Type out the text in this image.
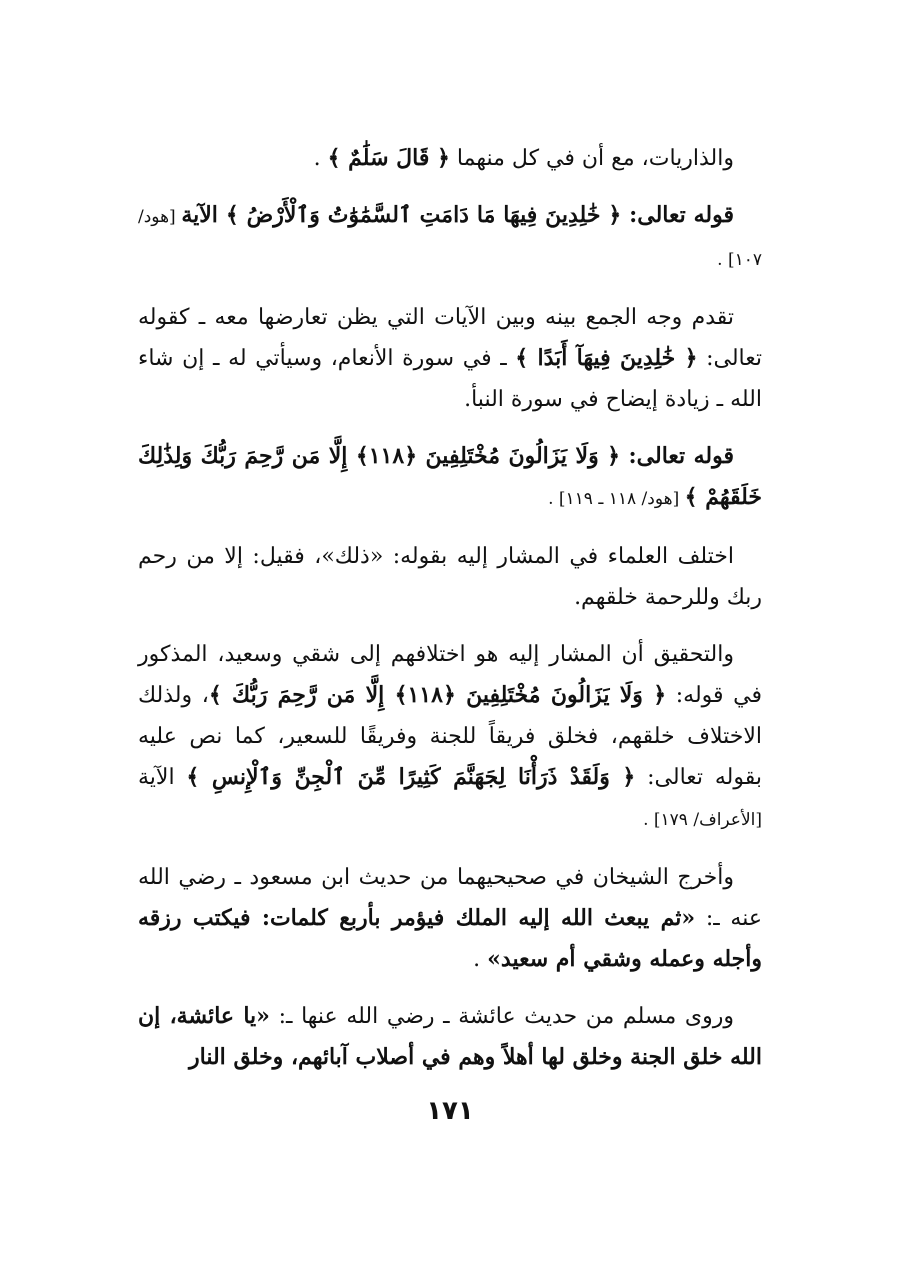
والذاريات، مع أن في كل منهما ﴿ قَالَ سَلَٰمٌ ﴾ .

قوله تعالى: ﴿ خَٰلِدِينَ فِيهَا مَا دَامَتِ ٱلسَّمَٰوَٰتُ وَٱلْأَرْضُ ﴾ الآية [هود/ ١٠٧] .

تقدم وجه الجمع بينه وبين الآيات التي يظن تعارضها معه ـ كقوله تعالى: ﴿ خَٰلِدِينَ فِيهَآ أَبَدًا ﴾ ـ في سورة الأنعام، وسيأتي له ـ إن شاء الله ـ زيادة إيضاح في سورة النبأ.

قوله تعالى: ﴿ وَلَا يَزَالُونَ مُخْتَلِفِينَ ﴿١١٨﴾ إِلَّا مَن رَّحِمَ رَبُّكَ وَلِذَٰلِكَ خَلَقَهُمْ ﴾ [هود/ ١١٨ ـ ١١٩] .

اختلف العلماء في المشار إليه بقوله: «ذلك»، فقيل: إلا من رحم ربك وللرحمة خلقهم.

والتحقيق أن المشار إليه هو اختلافهم إلى شقي وسعيد، المذكور في قوله: ﴿ وَلَا يَزَالُونَ مُخْتَلِفِينَ ﴿١١٨﴾ إِلَّا مَن رَّحِمَ رَبُّكَ ﴾، ولذلك الاختلاف خلقهم، فخلق فريقاً للجنة وفريقًا للسعير، كما نص عليه بقوله تعالى: ﴿ وَلَقَدْ ذَرَأْنَا لِجَهَنَّمَ كَثِيرًا مِّنَ ٱلْجِنِّ وَٱلْإِنسِ ﴾ الآية [الأعراف/ ١٧٩] .

وأخرج الشيخان في صحيحيهما من حديث ابن مسعود ـ رضي الله عنه ـ: «ثم يبعث الله إليه الملك فيؤمر بأربع كلمات: فيكتب رزقه وأجله وعمله وشقي أم سعيد» .

وروى مسلم من حديث عائشة ـ رضي الله عنها ـ: «يا عائشة، إن الله خلق الجنة وخلق لها أهلاً وهم في أصلاب آبائهم، وخلق النار

١٧١
